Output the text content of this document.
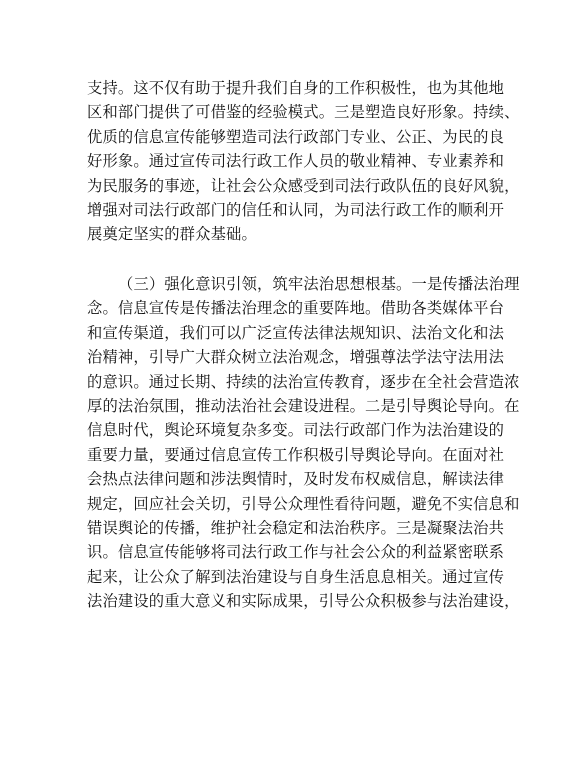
支持。这不仅有助于提升我们自身的工作积极性，也为其他地
区和部门提供了可借鉴的经验模式。三是塑造良好形象。持续、
优质的信息宣传能够塑造司法行政部门专业、公正、为民的良
好形象。通过宣传司法行政工作人员的敬业精神、专业素养和
为民服务的事迹，让社会公众感受到司法行政队伍的良好风貌，
增强对司法行政部门的信任和认同，为司法行政工作的顺利开
展奠定坚实的群众基础。
（三）强化意识引领，筑牢法治思想根基。一是传播法治理
念。信息宣传是传播法治理念的重要阵地。借助各类媒体平台
和宣传渠道，我们可以广泛宣传法律法规知识、法治文化和法
治精神，引导广大群众树立法治观念，增强尊法学法守法用法
的意识。通过长期、持续的法治宣传教育，逐步在全社会营造浓
厚的法治氛围，推动法治社会建设进程。二是引导舆论导向。在
信息时代，舆论环境复杂多变。司法行政部门作为法治建设的
重要力量，要通过信息宣传工作积极引导舆论导向。在面对社
会热点法律问题和涉法舆情时，及时发布权威信息，解读法律
规定，回应社会关切，引导公众理性看待问题，避免不实信息和
错误舆论的传播，维护社会稳定和法治秩序。三是凝聚法治共
识。信息宣传能够将司法行政工作与社会公众的利益紧密联系
起来，让公众了解到法治建设与自身生活息息相关。通过宣传
法治建设的重大意义和实际成果，引导公众积极参与法治建设，
